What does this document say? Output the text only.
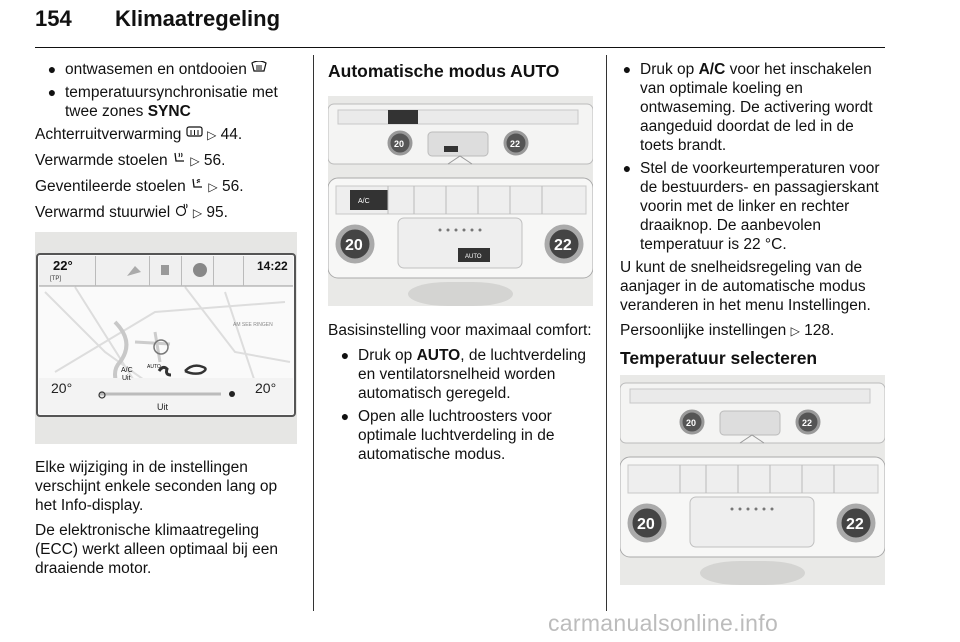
154 Klimaatregeling
● ontwasemen en ontdooien
● temperatuursynchronisatie met twee zones SYNC
Achterruitverwarming ▷ 44.
Verwarmde stoelen ▷ 56.
Geventileerde stoelen ▷ 56.
Verwarmd stuurwiel ▷ 95.
22°
[TP]
14:22
AM SEE RINGEN
A/C
Uit
AUTO
20°	20°
Uit
Elke wijziging in de instellingen verschijnt enkele seconden lang op het Info-display.
De elektronische klimaatregeling (ECC) werkt alleen optimaal bij een draaiende motor.
Automatische modus AUTO
20	22
A/C
AUTO
20	22
Basisinstelling voor maximaal comfort:
● Druk op AUTO, de luchtverdeling en ventilatorsnelheid worden automatisch geregeld.
● Open alle luchtroosters voor optimale luchtverdeling in de automatische modus.
● Druk op A/C voor het inschakelen van optimale koeling en ontwaseming. De activering wordt aangeduid doordat de led in de toets brandt.
● Stel de voorkeurtemperaturen voor de bestuurders- en passagierskant voorin met de linker en rechter draaiknop. De aanbevolen temperatuur is 22 °C.
U kunt de snelheidsregeling van de aanjager in de automatische modus veranderen in het menu Instellingen.
Persoonlijke instellingen ▷ 128.
Temperatuur selecteren
20	22
20	22
carmanualsonline.info
